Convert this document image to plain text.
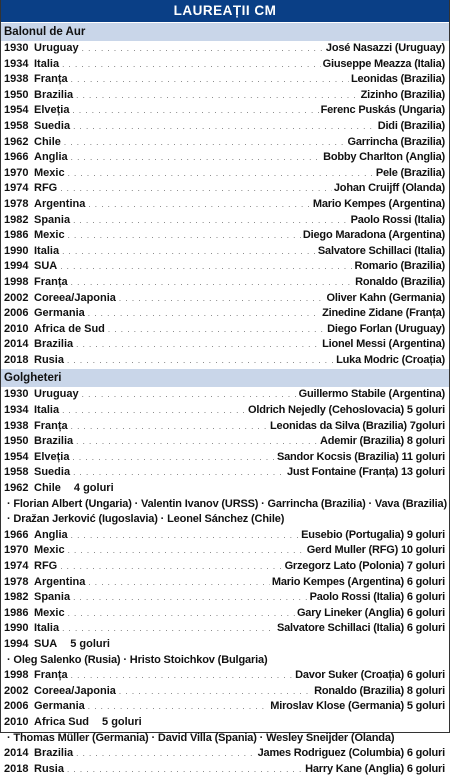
LAUREAȚII CM
Balonul de Aur
1930 Uruguay . . .	José Nasazzi (Uruguay)
1934 Italia . . .	Giuseppe Meazza (Italia)
1938 Franța . . .	Leonidas (Brazilia)
1950 Brazilia . . .	Zizinho (Brazilia)
1954 Elveția . . .	Ferenc Puskás (Ungaria)
1958 Suedia . . .	Didi (Brazilia)
1962 Chile . . .	Garrincha (Brazilia)
1966 Anglia . . .	Bobby Charlton (Anglia)
1970 Mexic . . .	Pele (Brazilia)
1974 RFG . . .	Johan Cruijff (Olanda)
1978 Argentina . . .	Mario Kempes (Argentina)
1982 Spania . . .	Paolo Rossi (Italia)
1986 Mexic . . .	Diego Maradona (Argentina)
1990 Italia . . .	Salvatore Schillaci (Italia)
1994 SUA . . .	Romario (Brazilia)
1998 Franța . . .	Ronaldo (Brazilia)
2002 Coreea/Japonia . . .	Oliver Kahn (Germania)
2006 Germania . . .	Zinedine Zidane (Franța)
2010 Africa de Sud . . .	Diego Forlan (Uruguay)
2014 Brazilia . . .	Lionel Messi (Argentina)
2018 Rusia . . .	Luka Modric (Croația)
Golgheteri
1930 Uruguay . . .	Guillermo Stabile (Argentina)
1934 Italia . . .	Oldrich Nejedly (Cehoslovacia) 5 goluri
1938 Franța . . .	Leonidas da Silva (Brazilia) 7goluri
1950 Brazilia . . .	Ademir (Brazilia) 8 goluri
1954 Elveția . . .	Sandor Kocsis (Brazilia) 11 goluri
1958 Suedia . . .	Just Fontaine (Franța) 13 goluri
1962 Chile	4 goluri
· Florian Albert (Ungaria) · Valentin Ivanov (URSS) · Garrincha (Brazilia) · Vava (Brazilia)
· Dražan Jerković (Iugoslavia) · Leonel Sánchez (Chile)
1966 Anglia . . .	Eusebio (Portugalia) 9 goluri
1970 Mexic . . .	Gerd Muller (RFG) 10 goluri
1974 RFG . . .	Grzegorz Lato (Polonia) 7 goluri
1978 Argentina . . .	Mario Kempes (Argentina) 6 goluri
1982 Spania . . .	Paolo Rossi (Italia) 6 goluri
1986 Mexic . . .	Gary Lineker (Anglia) 6 goluri
1990 Italia . . .	Salvatore Schillaci (Italia) 6 goluri
1994 SUA	5 goluri
· Oleg Salenko (Rusia) · Hristo Stoichkov (Bulgaria)
1998 Franța . . .	Davor Suker (Croația) 6 goluri
2002 Coreea/Japonia . . .	Ronaldo (Brazilia) 8 goluri
2006 Germania . . .	Miroslav Klose (Germania) 5 goluri
2010 Africa Sud	5 goluri
· Thomas Müller (Germania) · David Villa (Spania) · Wesley Sneijder (Olanda)
2014 Brazilia . . .	James Rodriguez (Columbia) 6 goluri
2018 Rusia . . .	Harry Kane (Anglia) 6 goluri
